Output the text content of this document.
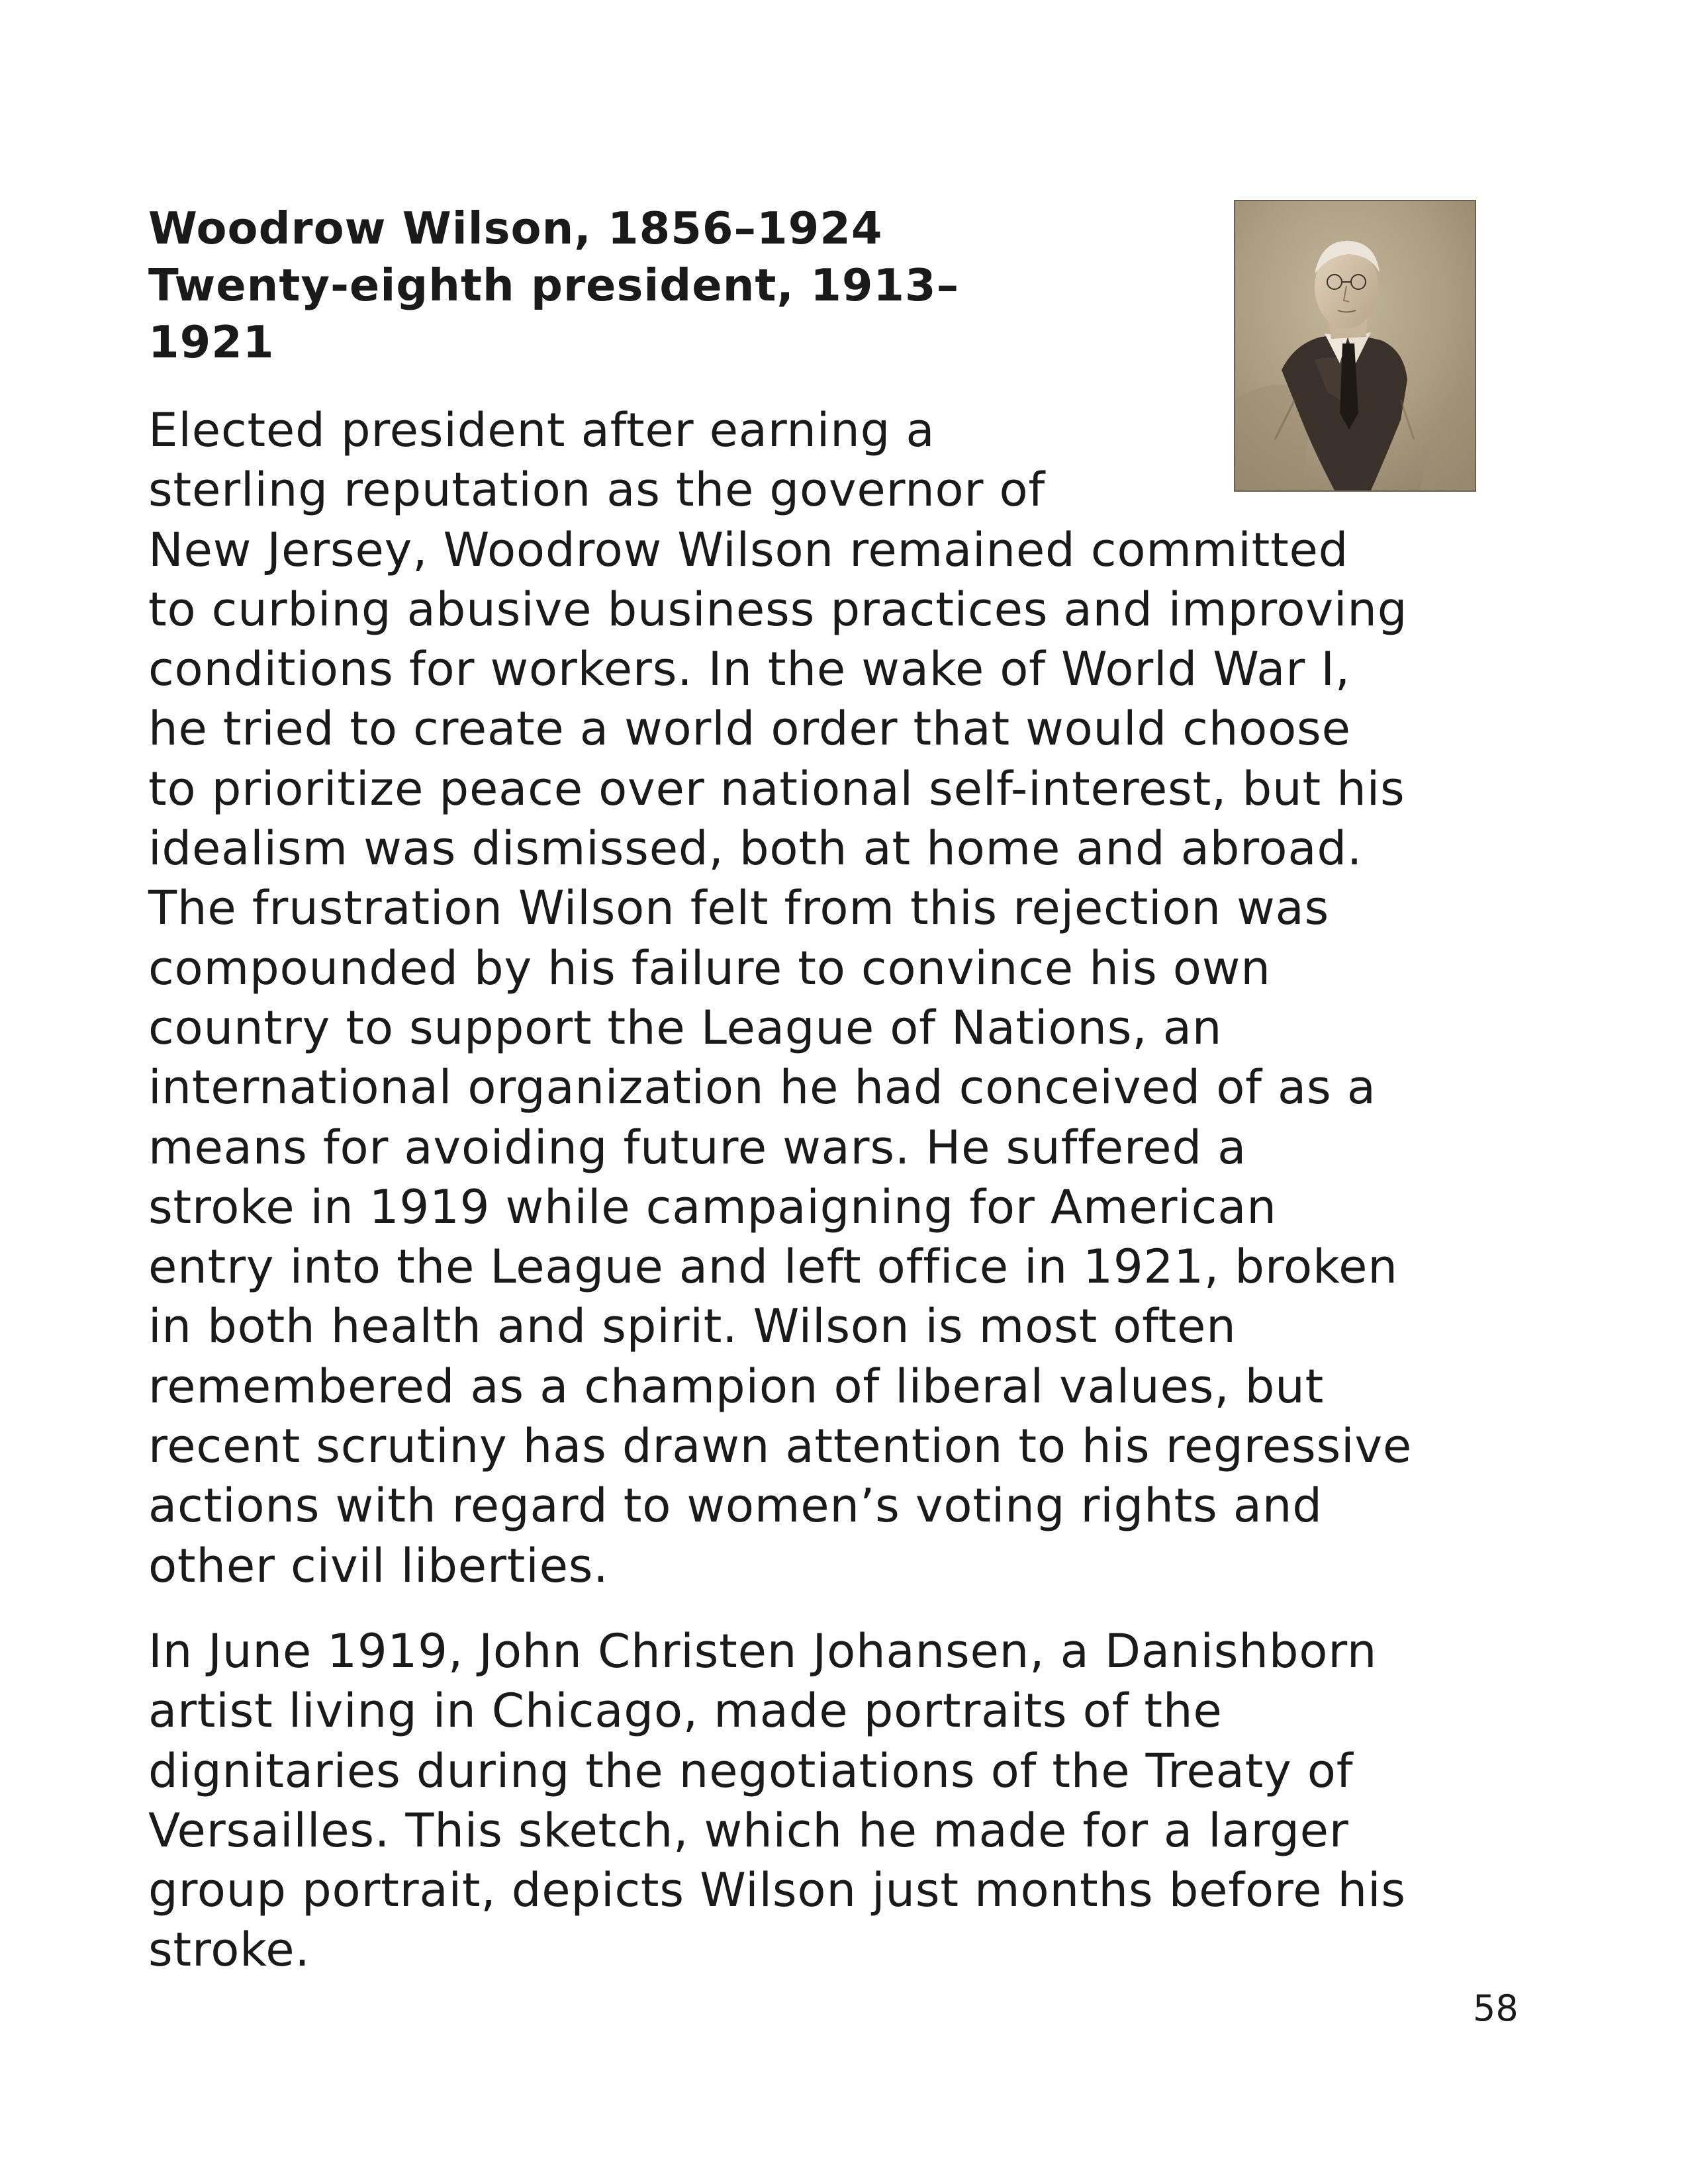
Woodrow Wilson, 1856–1924
Twenty-eighth president, 1913–
1921
Elected president after earning a
sterling reputation as the governor of
New Jersey, Woodrow Wilson remained committed
to curbing abusive business practices and improving
conditions for workers. In the wake of World War I,
he tried to create a world order that would choose
to prioritize peace over national self-interest, but his
idealism was dismissed, both at home and abroad.
The frustration Wilson felt from this rejection was
compounded by his failure to convince his own
country to support the League of Nations, an
international organization he had conceived of as a
means for avoiding future wars. He suffered a
stroke in 1919 while campaigning for American
entry into the League and left office in 1921, broken
in both health and spirit. Wilson is most often
remembered as a champion of liberal values, but
recent scrutiny has drawn attention to his regressive
actions with regard to women’s voting rights and
other civil liberties.
In June 1919, John Christen Johansen, a Danishborn
artist living in Chicago, made portraits of the
dignitaries during the negotiations of the Treaty of
Versailles. This sketch, which he made for a larger
group portrait, depicts Wilson just months before his
stroke.
58
